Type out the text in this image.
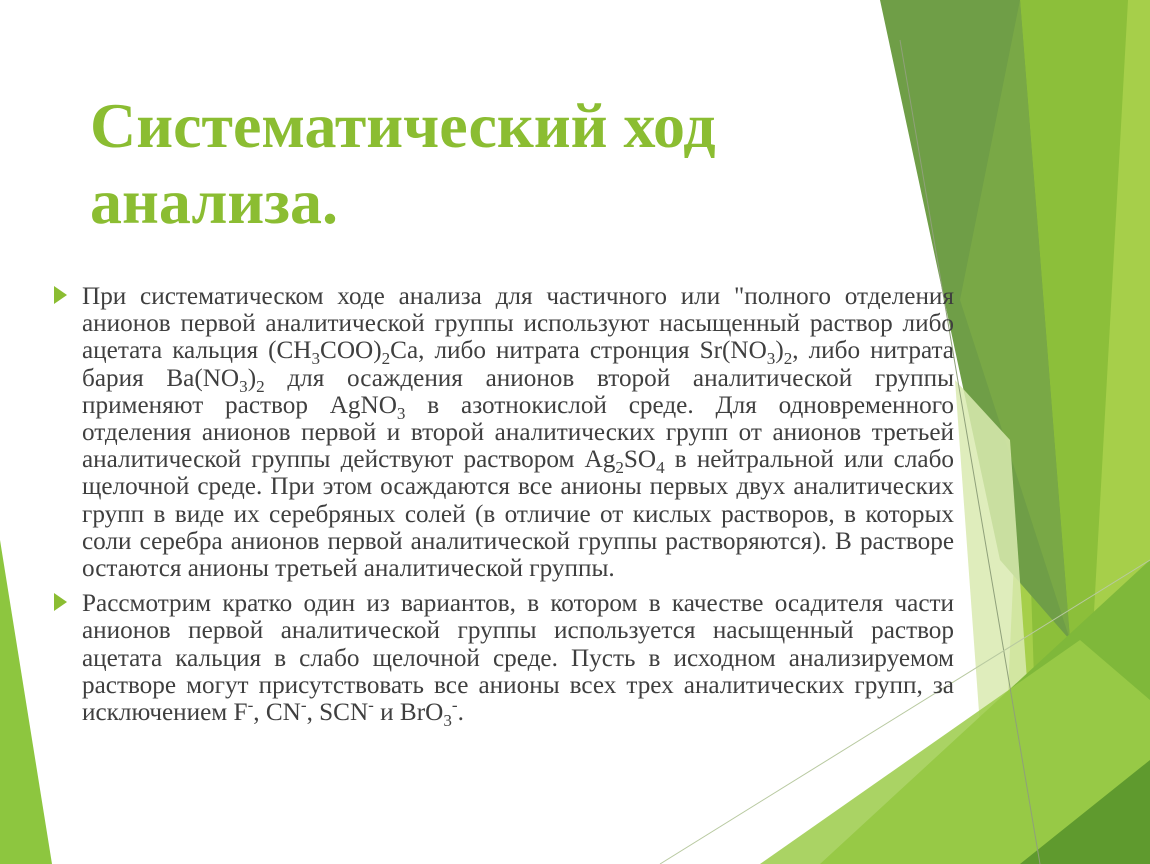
Систематический ход анализа.

При систематическом ходе анализа для частичного или "полного отделения анионов первой аналитической группы используют насыщенный раствор либо ацетата кальция $(CH_3COO)_2Ca$, либо нитрата стронция $Sr(NO_3)_2$, либо нитрата бария $Ba(NO_3)_2$ для осаждения анионов второй аналитической группы применяют раствор AgNO$_3$ в азотнокислой среде. Для одновременного отделения анионов первой и второй аналитических групп от анионов третьей аналитической группы действуют раствором $Ag_2SO_4$ в нейтральной или слабо щелочной среде. При этом осаждаются все анионы первых двух аналитических групп в виде их серебряных солей (в отличие от кислых растворов, в которых соли серебра анионов первой аналитической группы растворяются). В растворе остаются анионы третьей аналитической группы.

Рассмотрим кратко один из вариантов, в котором в качестве осадителя части анионов первой аналитической группы используется насыщенный раствор ацетата кальция в слабо щелочной среде. Пусть в исходном анализируемом растворе могут присутствовать все анионы всех трех аналитических групп, за исключением F-, CN-, SCN- и BrO$_3$-.
